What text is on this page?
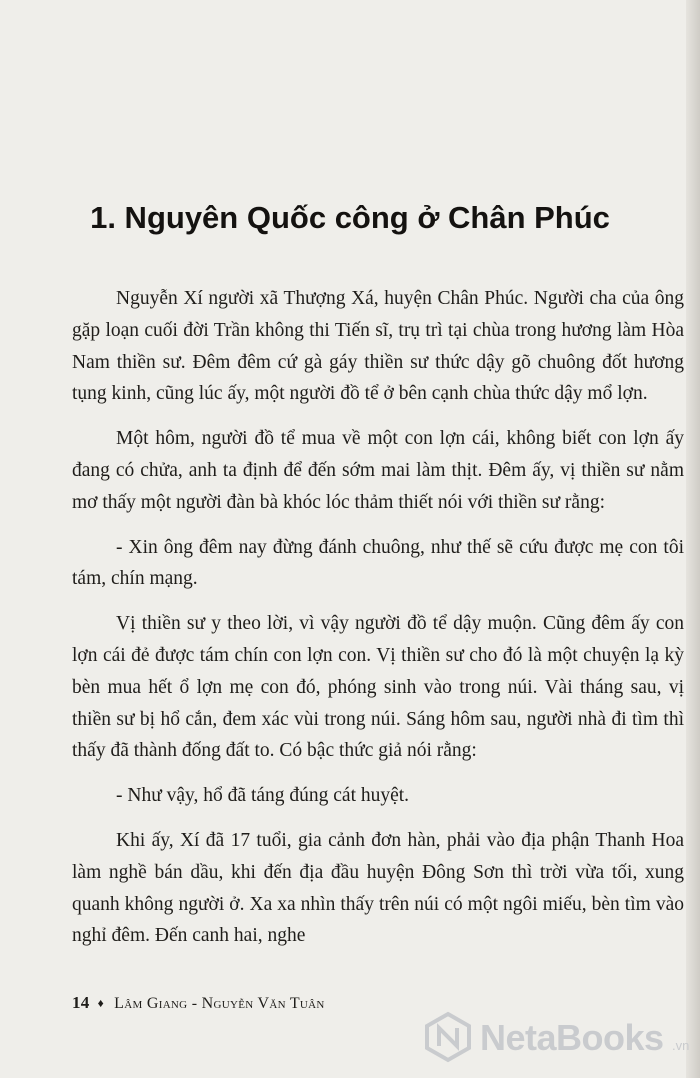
1. Nguyên Quốc công ở Chân Phúc

Nguyễn Xí người xã Thượng Xá, huyện Chân Phúc. Người cha của ông gặp loạn cuối đời Trần không thi Tiến sĩ, trụ trì tại chùa trong hương làm Hòa Nam thiền sư. Đêm đêm cứ gà gáy thiền sư thức dậy gõ chuông đốt hương tụng kinh, cũng lúc ấy, một người đồ tể ở bên cạnh chùa thức dậy mổ lợn.

Một hôm, người đồ tể mua về một con lợn cái, không biết con lợn ấy đang có chửa, anh ta định để đến sớm mai làm thịt. Đêm ấy, vị thiền sư nằm mơ thấy một người đàn bà khóc lóc thảm thiết nói với thiền sư rằng:

- Xin ông đêm nay đừng đánh chuông, như thế sẽ cứu được mẹ con tôi tám, chín mạng.

Vị thiền sư y theo lời, vì vậy người đồ tể dậy muộn. Cũng đêm ấy con lợn cái đẻ được tám chín con lợn con. Vị thiền sư cho đó là một chuyện lạ kỳ bèn mua hết ổ lợn mẹ con đó, phóng sinh vào trong núi. Vài tháng sau, vị thiền sư bị hổ cắn, đem xác vùi trong núi. Sáng hôm sau, người nhà đi tìm thì thấy đã thành đống đất to. Có bậc thức giả nói rằng:

- Như vậy, hổ đã táng đúng cát huyệt.

Khi ấy, Xí đã 17 tuổi, gia cảnh đơn hàn, phải vào địa phận Thanh Hoa làm nghề bán dầu, khi đến địa đầu huyện Đông Sơn thì trời vừa tối, xung quanh không người ở. Xa xa nhìn thấy trên núi có một ngôi miếu, bèn tìm vào nghỉ đêm. Đến canh hai, nghe

14 ♦ Lâm Giang - Nguyễn Văn Tuân
NetaBooks .vn
